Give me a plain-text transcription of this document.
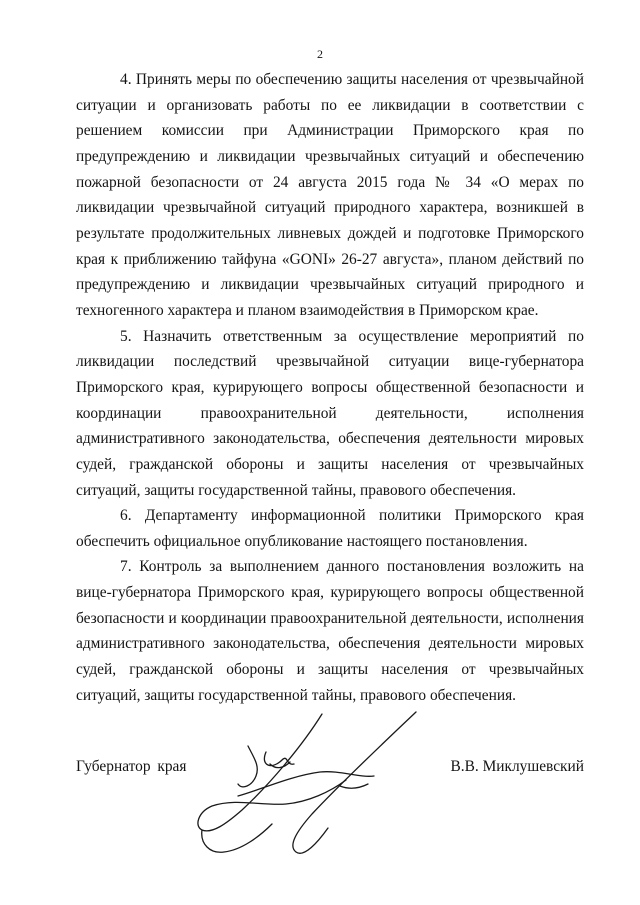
2

4. Принять меры по обеспечению защиты населения от чрезвычайной ситуации и организовать работы по ее ликвидации в соответствии с решением комиссии при Администрации Приморского края по предупреждению и ликвидации чрезвычайных ситуаций и обеспечению пожарной безопасности от 24 августа 2015 года № 34 «О мерах по ликвидации чрезвычайной ситуаций природного характера, возникшей в результате продолжительных ливневых дождей и подготовке Приморского края к приближению тайфуна «GONI» 26-27 августа», планом действий по предупреждению и ликвидации чрезвычайных ситуаций природного и техногенного характера и планом взаимодействия в Приморском крае.

5. Назначить ответственным за осуществление мероприятий по ликвидации последствий чрезвычайной ситуации вице-губернатора Приморского края, курирующего вопросы общественной безопасности и координации правоохранительной деятельности, исполнения административного законодательства, обеспечения деятельности мировых судей, гражданской обороны и защиты населения от чрезвычайных ситуаций, защиты государственной тайны, правового обеспечения.

6. Департаменту информационной политики Приморского края обеспечить официальное опубликование настоящего постановления.

7. Контроль за выполнением данного постановления возложить на вице-губернатора Приморского края, курирующего вопросы общественной безопасности и координации правоохранительной деятельности, исполнения административного законодательства, обеспечения деятельности мировых судей, гражданской обороны и защиты населения от чрезвычайных ситуаций, защиты государственной тайны, правового обеспечения.

Губернатор края	В.В. Миклушевский
